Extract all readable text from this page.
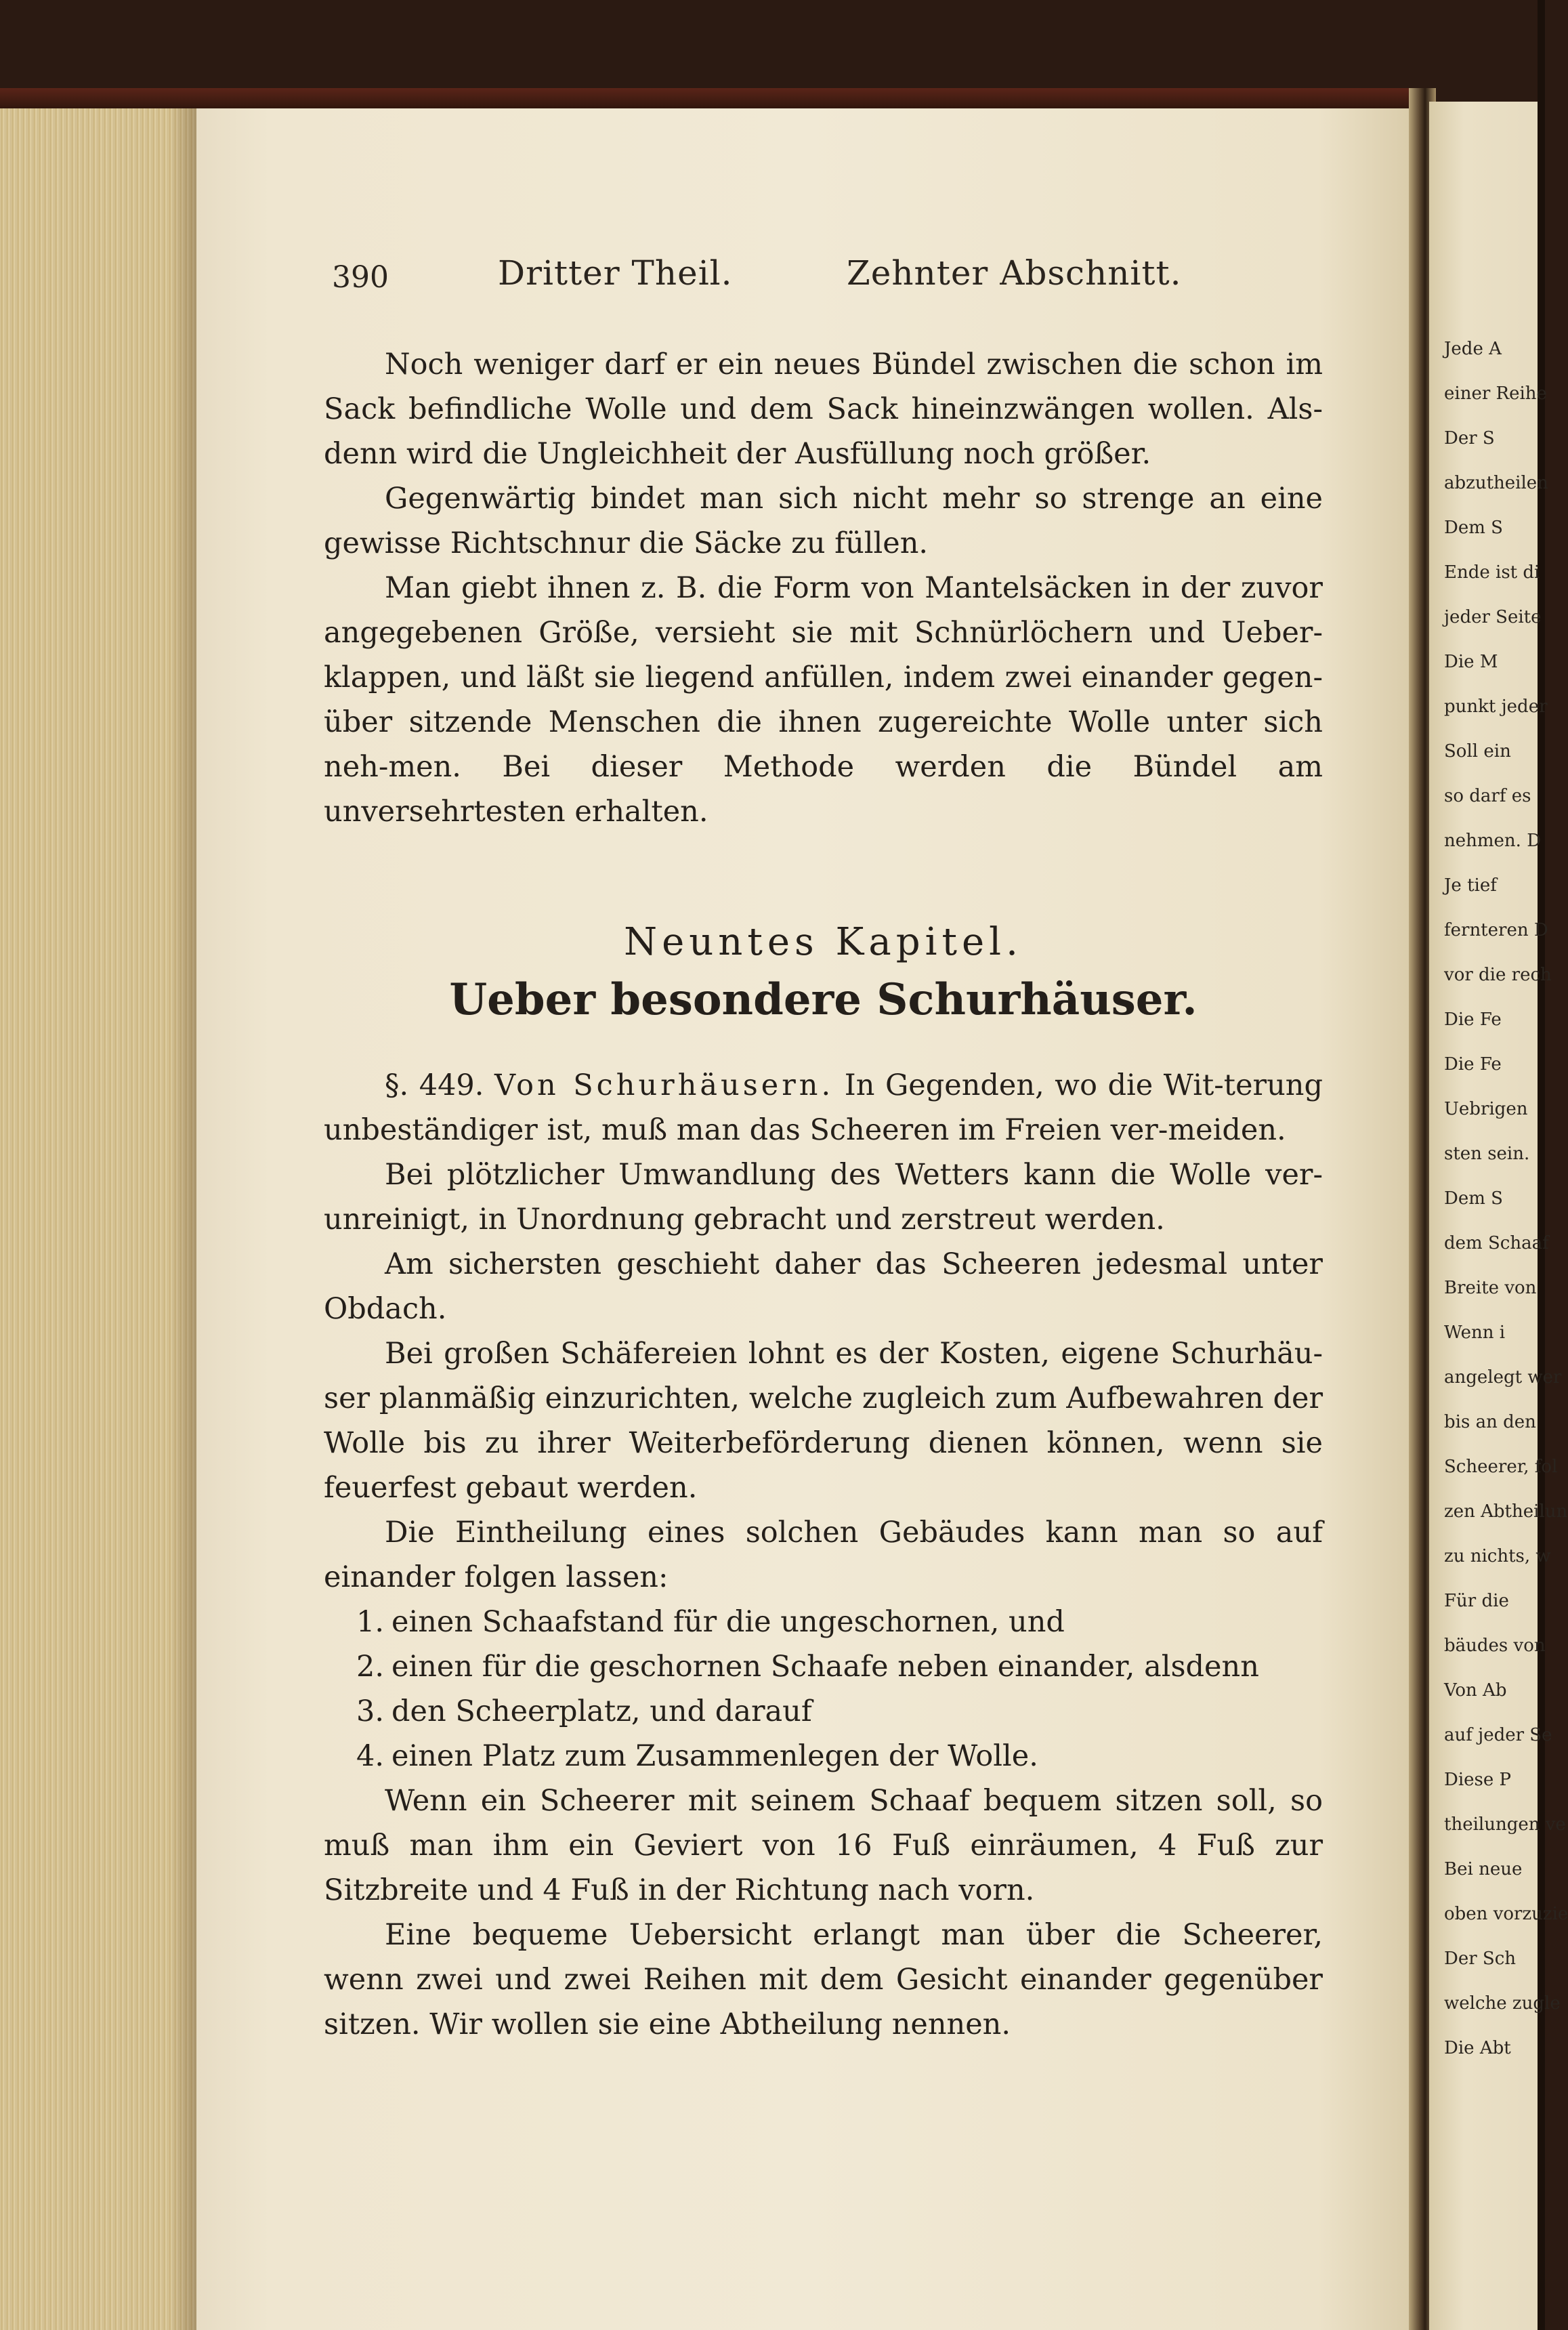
390	Dritter Theil.	Zehnter Abschnitt.

Noch weniger darf er ein neues Bündel zwischen die schon im Sack befindliche Wolle und dem Sack hineinzwängen wollen. Als-denn wird die Ungleichheit der Ausfüllung noch größer.

Gegenwärtig bindet man sich nicht mehr so strenge an eine gewisse Richtschnur die Säcke zu füllen.

Man giebt ihnen z. B. die Form von Mantelsäcken in der zuvor angegebenen Größe, versieht sie mit Schnürlöchern und Ueber-klappen, und läßt sie liegend anfüllen, indem zwei einander gegen-über sitzende Menschen die ihnen zugereichte Wolle unter sich neh-men. Bei dieser Methode werden die Bündel am unversehrtesten erhalten.

Neuntes Kapitel.

Ueber besondere Schurhäuser.

§. 449. Von Schurhäusern. In Gegenden, wo die Wit-terung unbeständiger ist, muß man das Scheeren im Freien ver-meiden.

Bei plötzlicher Umwandlung des Wetters kann die Wolle ver-unreinigt, in Unordnung gebracht und zerstreut werden.

Am sichersten geschieht daher das Scheeren jedesmal unter Obdach.

Bei großen Schäfereien lohnt es der Kosten, eigene Schurhäu-ser planmäßig einzurichten, welche zugleich zum Aufbewahren der Wolle bis zu ihrer Weiterbeförderung dienen können, wenn sie feuerfest gebaut werden.

Die Eintheilung eines solchen Gebäudes kann man so auf einander folgen lassen:

1. einen Schaafstand für die ungeschornen, und
2. einen für die geschornen Schaafe neben einander, alsdenn
3. den Scheerplatz, und darauf
4. einen Platz zum Zusammenlegen der Wolle.

Wenn ein Scheerer mit seinem Schaaf bequem sitzen soll, so muß man ihm ein Geviert von 16 Fuß einräumen, 4 Fuß zur Sitzbreite und 4 Fuß in der Richtung nach vorn.

Eine bequeme Uebersicht erlangt man über die Scheerer, wenn zwei und zwei Reihen mit dem Gesicht einander gegenüber sitzen. Wir wollen sie eine Abtheilung nennen.

Jede A
einer Reihe
Der S
abzutheilen
Dem S
Ende ist di
jeder Seite
Die M
punkt jeder
Soll ein
so darf es
nehmen. D
Je tief
fernteren D
vor die rech
Die Fe
Die Fe
Uebrigen
sten sein.
Dem S
dem Schaaf
Breite von
Wenn i
angelegt wer
bis an den
Scheerer, fol
zen Abtheilun
zu nichts, w
Für die
bäudes von
Von Ab
auf jeder Se
Diese P
theilungen ve
Bei neue
oben vorzuzie
Der Sch
welche zugle
Die Abt
